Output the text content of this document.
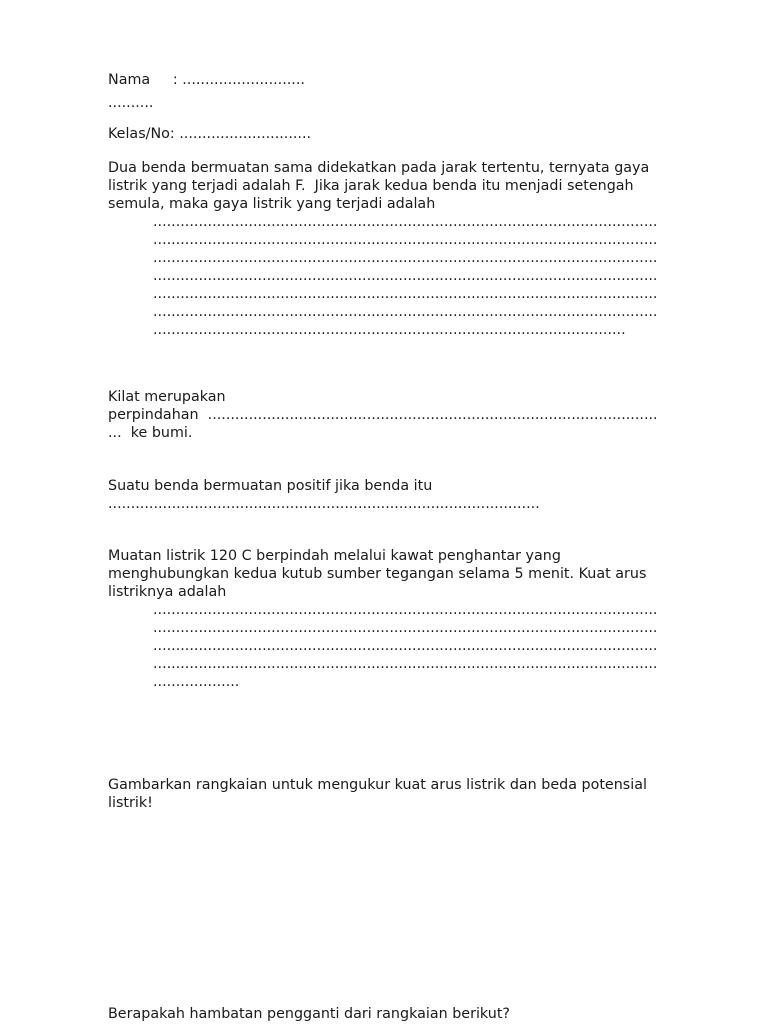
Nama     : ...........................

..........

Kelas/No: .............................

Dua benda bermuatan sama didekatkan pada jarak tertentu, ternyata gaya

listrik yang terjadi adalah F.  Jika jarak kedua benda itu menjadi setengah

semula, maka gaya listrik yang terjadi adalah

...............................................................................................................

...............................................................................................................

...............................................................................................................

...............................................................................................................

...............................................................................................................

...............................................................................................................

........................................................................................................

Kilat merupakan

perpindahan  ...................................................................................................

...  ke bumi.

Suatu benda bermuatan positif jika benda itu

...............................................................................................

Muatan listrik 120 C berpindah melalui kawat penghantar yang

menghubungkan kedua kutub sumber tegangan selama 5 menit. Kuat arus

listriknya adalah

...............................................................................................................

...............................................................................................................

...............................................................................................................

...............................................................................................................

...................

Gambarkan rangkaian untuk mengukur kuat arus listrik dan beda potensial

listrik!

Berapakah hambatan pengganti dari rangkaian berikut?
